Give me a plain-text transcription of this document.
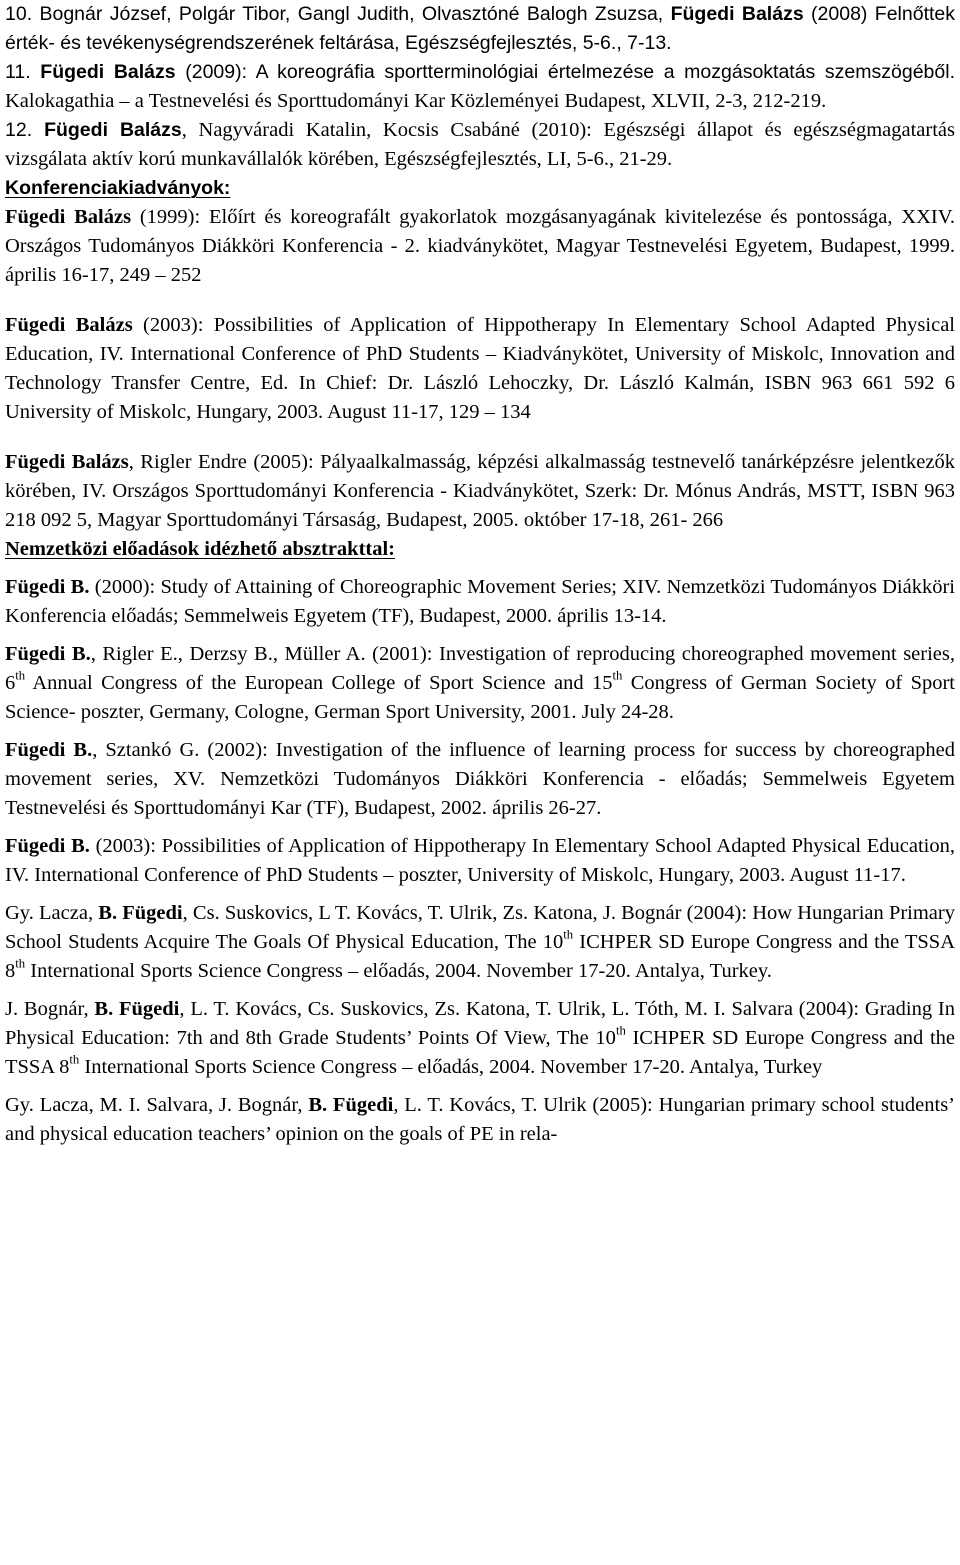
10. Bognár József, Polgár Tibor, Gangl Judith, Olvasztóné Balogh Zsuzsa, Fügedi Balázs (2008) Felnőttek érték- és tevékenységrendszerének feltárása, Egészségfejlesztés, 5-6., 7-13.

11. Fügedi Balázs (2009): A koreográfia sportterminológiai értelmezése a mozgásoktatás szemszögéből. Kalokagathia – a Testnevelési és Sporttudományi Kar Közleményei Budapest, XLVII, 2-3, 212-219.

12. Fügedi Balázs, Nagyváradi Katalin, Kocsis Csabáné (2010): Egészségi állapot és egészségmagatartás vizsgálata aktív korú munkavállalók körében, Egészségfejlesztés, LI, 5-6., 21-29.

Konferenciakiadványok:

Fügedi Balázs (1999): Előírt és koreografált gyakorlatok mozgásanyagának kivitelezése és pontossága, XXIV. Országos Tudományos Diákköri Konferencia - 2. kiadványkötet, Magyar Testnevelési Egyetem, Budapest, 1999. április 16-17, 249 – 252

Fügedi Balázs (2003): Possibilities of Application of Hippotherapy In Elementary School Adapted Physical Education, IV. International Conference of PhD Students – Kiadványkötet, University of Miskolc, Innovation and Technology Transfer Centre, Ed. In Chief: Dr. László Lehoczky, Dr. László Kalmán, ISBN 963 661 592 6 University of Miskolc, Hungary, 2003. August 11-17, 129 – 134

Fügedi Balázs, Rigler Endre (2005): Pályaalkalmasság, képzési alkalmasság testnevelő tanárképzésre jelentkezők körében, IV. Országos Sporttudományi Konferencia - Kiadványkötet, Szerk: Dr. Mónus András, MSTT, ISBN 963 218 092 5, Magyar Sporttudományi Társaság, Budapest, 2005. október 17-18, 261- 266

Nemzetközi előadások idézhető absztrakttal:

Fügedi B. (2000): Study of Attaining of Choreographic Movement Series; XIV. Nemzetközi Tudományos Diákköri Konferencia előadás; Semmelweis Egyetem (TF), Budapest, 2000. április 13-14.

Fügedi B., Rigler E., Derzsy B., Müller A. (2001): Investigation of reproducing choreographed movement series, 6th Annual Congress of the European College of Sport Science and 15th Congress of German Society of Sport Science- poszter, Germany, Cologne, German Sport University, 2001. July 24-28.

Fügedi B., Sztankó G. (2002): Investigation of the influence of learning process for success by choreographed movement series, XV. Nemzetközi Tudományos Diákköri Konferencia - előadás; Semmelweis Egyetem Testnevelési és Sporttudományi Kar (TF), Budapest, 2002. április 26-27.

Fügedi B. (2003): Possibilities of Application of Hippotherapy In Elementary School Adapted Physical Education, IV. International Conference of PhD Students – poszter, University of Miskolc, Hungary, 2003. August 11-17.

Gy. Lacza, B. Fügedi, Cs. Suskovics, L T. Kovács, T. Ulrik, Zs. Katona, J. Bognár (2004): How Hungarian Primary School Students Acquire The Goals Of Physical Education, The 10th ICHPER SD Europe Congress and the TSSA 8th International Sports Science Congress – előadás, 2004. November 17-20. Antalya, Turkey.

J. Bognár, B. Fügedi, L. T. Kovács, Cs. Suskovics, Zs. Katona, T. Ulrik, L. Tóth, M. I. Salvara (2004): Grading In Physical Education: 7th and 8th Grade Students’ Points Of View, The 10th ICHPER SD Europe Congress and the TSSA 8th International Sports Science Congress – előadás, 2004. November 17-20. Antalya, Turkey

Gy. Lacza, M. I. Salvara, J. Bognár, B. Fügedi, L. T. Kovács, T. Ulrik (2005): Hungarian primary school students’ and physical education teachers’ opinion on the goals of PE in rela-
